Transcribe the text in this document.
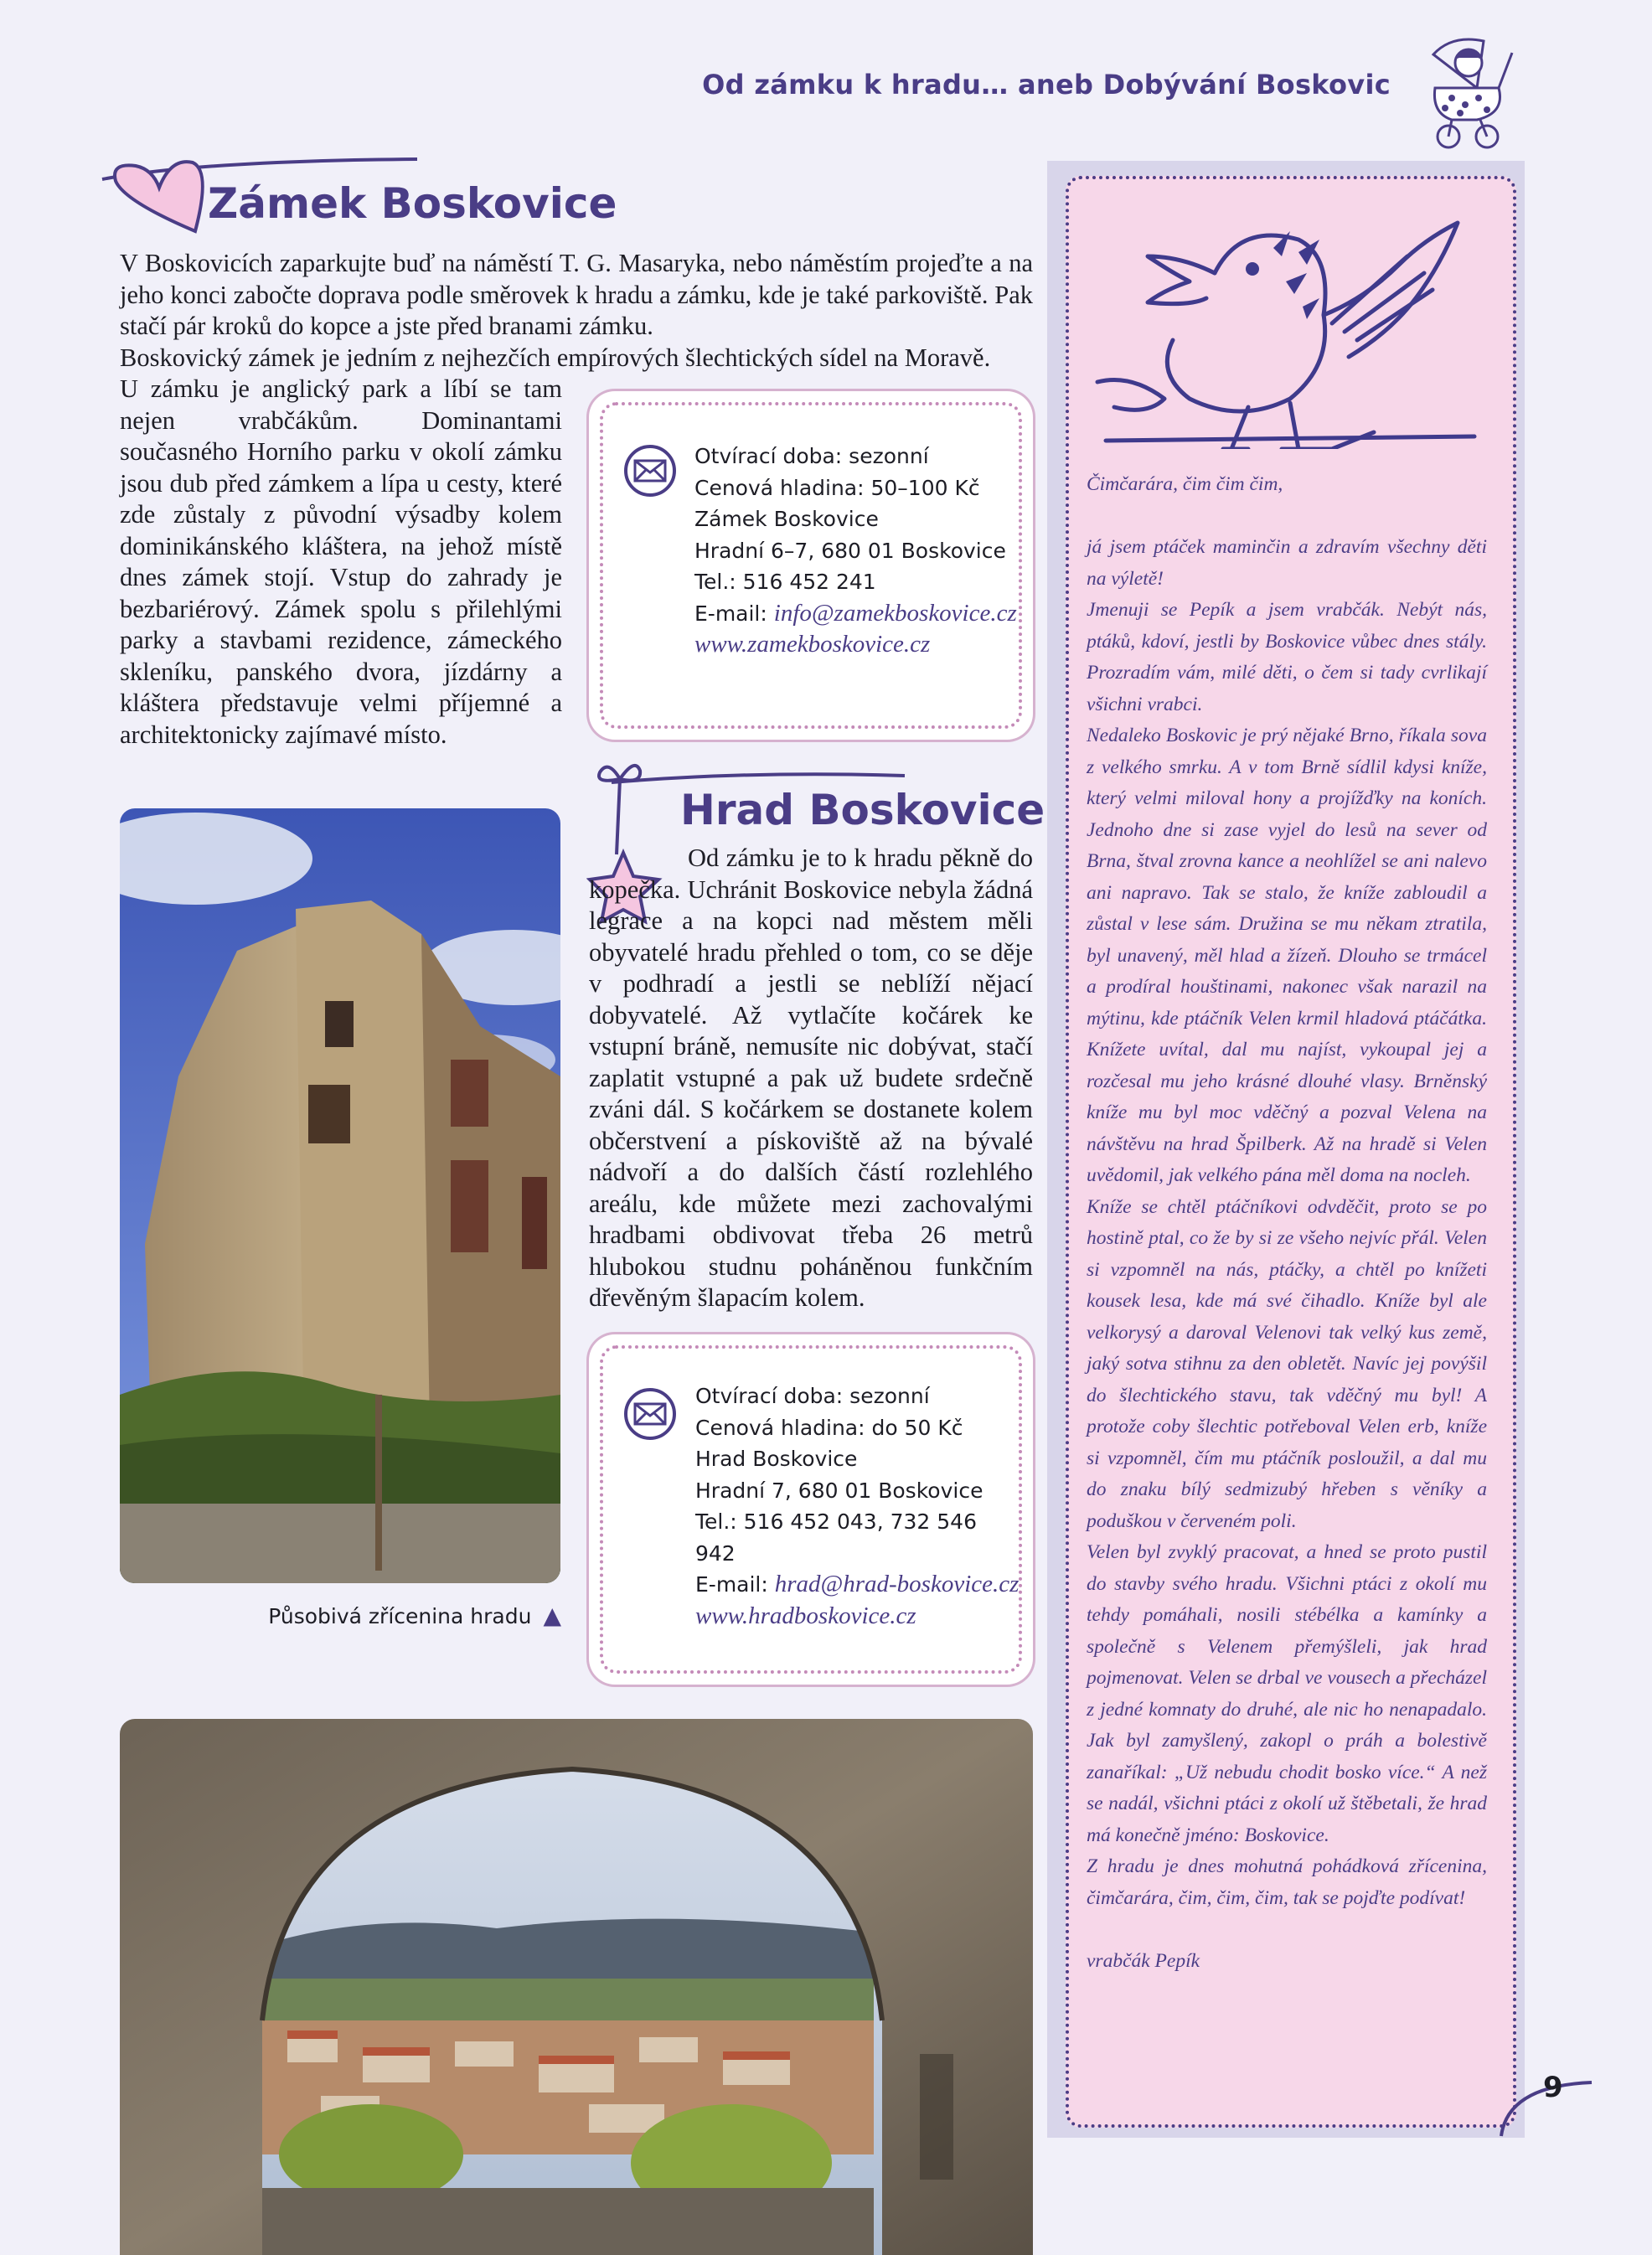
Od zámku k hradu… aneb Dobývání Boskovic
Zámek Boskovice

V Boskovicích zaparkujte buď na náměstí T. G. Masaryka, nebo náměstím projeďte a na jeho konci zabočte doprava podle směrovek k hradu a zámku, kde je také parkoviště. Pak stačí pár kroků do kopce a jste před branami zámku.

Boskovický zámek je jedním z nejhezčích empírových šlechtických sídel na Moravě.

U zámku je anglický park a líbí se tam nejen vrabčákům. Dominantami současného Horního parku v okolí zámku jsou dub před zámkem a lípa u cesty, které zde zůstaly z původní výsadby kolem dominikánského kláštera, na jehož místě dnes zámek stojí. Vstup do zahrady je bezbariérový. Zámek spolu s přilehlými parky a stavbami rezidence, zámeckého skleníku, panského dvora, jízdárny a kláštera představuje velmi příjemné a architektonicky zajímavé místo.

Otvírací doba: sezonní
Cenová hladina: 50–100 Kč
Zámek Boskovice
Hradní 6–7, 680 01 Boskovice
Tel.: 516 452 241
E-mail: info@zamekboskovice.cz
www.zamekboskovice.cz
Hrad Boskovice

Od zámku je to k hradu pěkně do kopečka. Uchránit Boskovice nebyla žádná legrace a na kopci nad městem měli obyvatelé hradu přehled o tom, co se děje v podhradí a jestli se neblíží nějací dobyvatelé. Až vytlačíte kočárek ke vstupní bráně, nemusíte nic dobývat, stačí zaplatit vstupné a pak už budete srdečně zváni dál. S kočárkem se dostanete kolem občerstvení a pískoviště až na bývalé nádvoří a do dalších částí rozlehlého areálu, kde můžete mezi zachovalými hradbami obdivovat třeba 26 metrů hlubokou studnu poháněnou funkčním dřevěným šlapacím kolem.

Působivá zřícenina hradu ▲
Otvírací doba: sezonní
Cenová hladina: do 50 Kč
Hrad Boskovice
Hradní 7, 680 01 Boskovice
Tel.: 516 452 043, 732 546 942
E-mail: hrad@hrad-boskovice.cz
www.hradboskovice.cz

Čimčarára, čim čim čim,

já jsem ptáček maminčin a zdravím všechny děti na výletě!

Jmenuji se Pepík a jsem vrabčák. Nebýt nás, ptáků, kdoví, jestli by Boskovice vůbec dnes stály. Prozradím vám, milé děti, o čem si tady cvrlikají všichni vrabci.

Nedaleko Boskovic je prý nějaké Brno, říkala sova z velkého smrku. A v tom Brně sídlil kdysi kníže, který velmi miloval hony a projížďky na koních. Jednoho dne si zase vyjel do lesů na sever od Brna, štval zrovna kance a neohlížel se ani nalevo ani napravo. Tak se stalo, že kníže zabloudil a zůstal v lese sám. Družina se mu někam ztratila, byl unavený, měl hlad a žízeň. Dlouho se trmácel a prodíral houštinami, nakonec však narazil na mýtinu, kde ptáčník Velen krmil hladová ptáčátka. Knížete uvítal, dal mu najíst, vykoupal jej a rozčesal mu jeho krásné dlouhé vlasy. Brněnský kníže mu byl moc vděčný a pozval Velena na návštěvu na hrad Špilberk. Až na hradě si Velen uvědomil, jak velkého pána měl doma na nocleh.

Kníže se chtěl ptáčníkovi odvděčit, proto se po hostině ptal, co že by si ze všeho nejvíc přál. Velen si vzpomněl na nás, ptáčky, a chtěl po knížeti kousek lesa, kde má své čihadlo. Kníže byl ale velkorysý a daroval Velenovi tak velký kus země, jaký sotva stihnu za den obletět. Navíc jej povýšil do šlechtického stavu, tak vděčný mu byl! A protože coby šlechtic potřeboval Velen erb, kníže si vzpomněl, čím mu ptáčník posloužil, a dal mu do znaku bílý sedmizubý hřeben s věníky a poduškou v červeném poli.

Velen byl zvyklý pracovat, a hned se proto pustil do stavby svého hradu. Všichni ptáci z okolí mu tehdy pomáhali, nosili stébélka a kamínky a společně s Velenem přemýšleli, jak hrad pojmenovat. Velen se drbal ve vousech a přecházel z jedné komnaty do druhé, ale nic ho nenapadalo. Jak byl zamyšlený, zakopl o práh a bolestivě zanaříkal: „Už nebudu chodit bosko více.“ A než se nadál, všichni ptáci z okolí už štěbetali, že hrad má konečně jméno: Boskovice.

Z hradu je dnes mohutná pohádková zřícenina, čimčarára, čim, čim, čim, tak se pojďte podívat!

vrabčák Pepík

9
